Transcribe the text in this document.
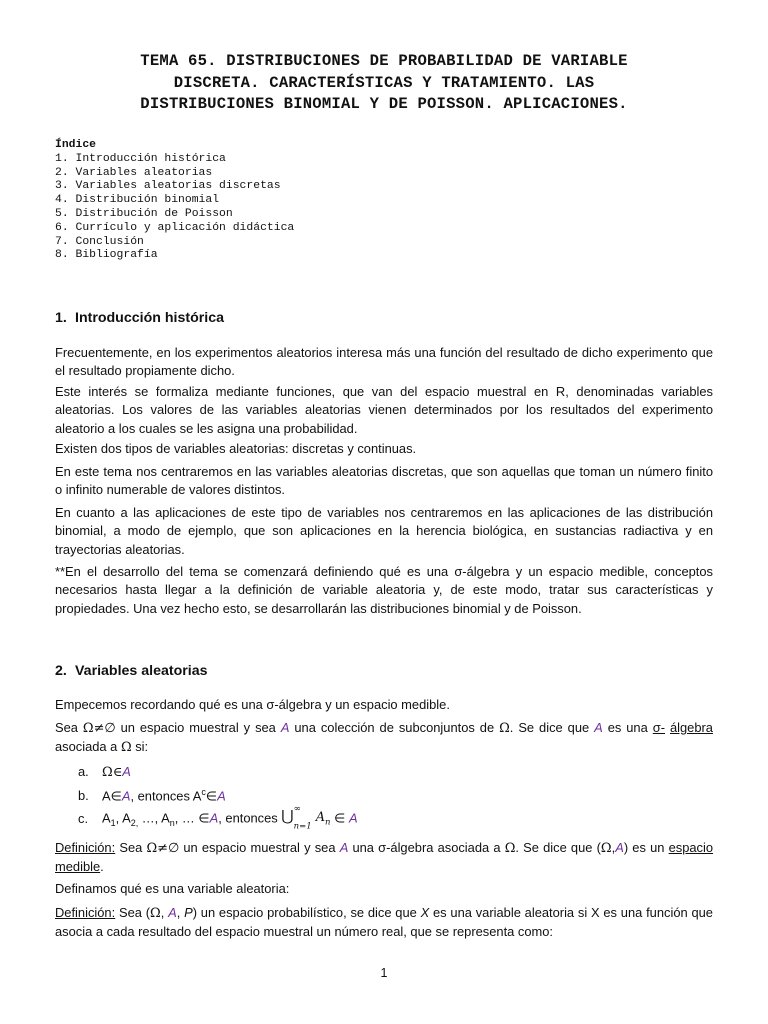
TEMA 65. DISTRIBUCIONES DE PROBABILIDAD DE VARIABLE
DISCRETA. CARACTERÍSTICAS Y TRATAMIENTO. LAS
DISTRIBUCIONES BINOMIAL Y DE POISSON. APLICACIONES.
Índice
1. Introducción histórica
2. Variables aleatorias
3. Variables aleatorias discretas
4. Distribución binomial
5. Distribución de Poisson
6. Currículo y aplicación didáctica
7. Conclusión
8. Bibliografía
1. Introducción histórica
Frecuentemente, en los experimentos aleatorios interesa más una función del resultado de dicho experimento que el resultado propiamente dicho.
Este interés se formaliza mediante funciones, que van del espacio muestral en R, denominadas variables aleatorias. Los valores de las variables aleatorias vienen determinados por los resultados del experimento aleatorio a los cuales se les asigna una probabilidad.
Existen dos tipos de variables aleatorias: discretas y continuas.
En este tema nos centraremos en las variables aleatorias discretas, que son aquellas que toman un número finito o infinito numerable de valores distintos.
En cuanto a las aplicaciones de este tipo de variables nos centraremos en las aplicaciones de las distribución binomial, a modo de ejemplo, que son aplicaciones en la herencia biológica, en sustancias radiactiva y en trayectorias aleatorias.
**En el desarrollo del tema se comenzará definiendo qué es una σ-álgebra y un espacio medible, conceptos necesarios hasta llegar a la definición de variable aleatoria y, de este modo, tratar sus características y propiedades. Una vez hecho esto, se desarrollarán las distribuciones binomial y de Poisson.
2. Variables aleatorias
Empecemos recordando qué es una σ-álgebra y un espacio medible.
Sea Ω≠∅ un espacio muestral y sea A una colección de subconjuntos de Ω. Se dice que A es una σ- álgebra asociada a Ω si:
a. Ω∈A
b. A∈A, entonces $A^c\in A$
c. $A_1$, $A_{2,}$ …, $A_n$, … ∈A, entonces ⋃∞
$_{n=1}$ $A_n$ ∈ A
Definición: Sea Ω≠∅ un espacio muestral y sea A una σ-álgebra asociada a Ω. Se dice que (Ω,A) es un espacio medible.
Definamos qué es una variable aleatoria:
Definición: Sea (Ω, A, P) un espacio probabilístico, se dice que X es una variable aleatoria si X es una función que asocia a cada resultado del espacio muestral un número real, que se representa como:
1
